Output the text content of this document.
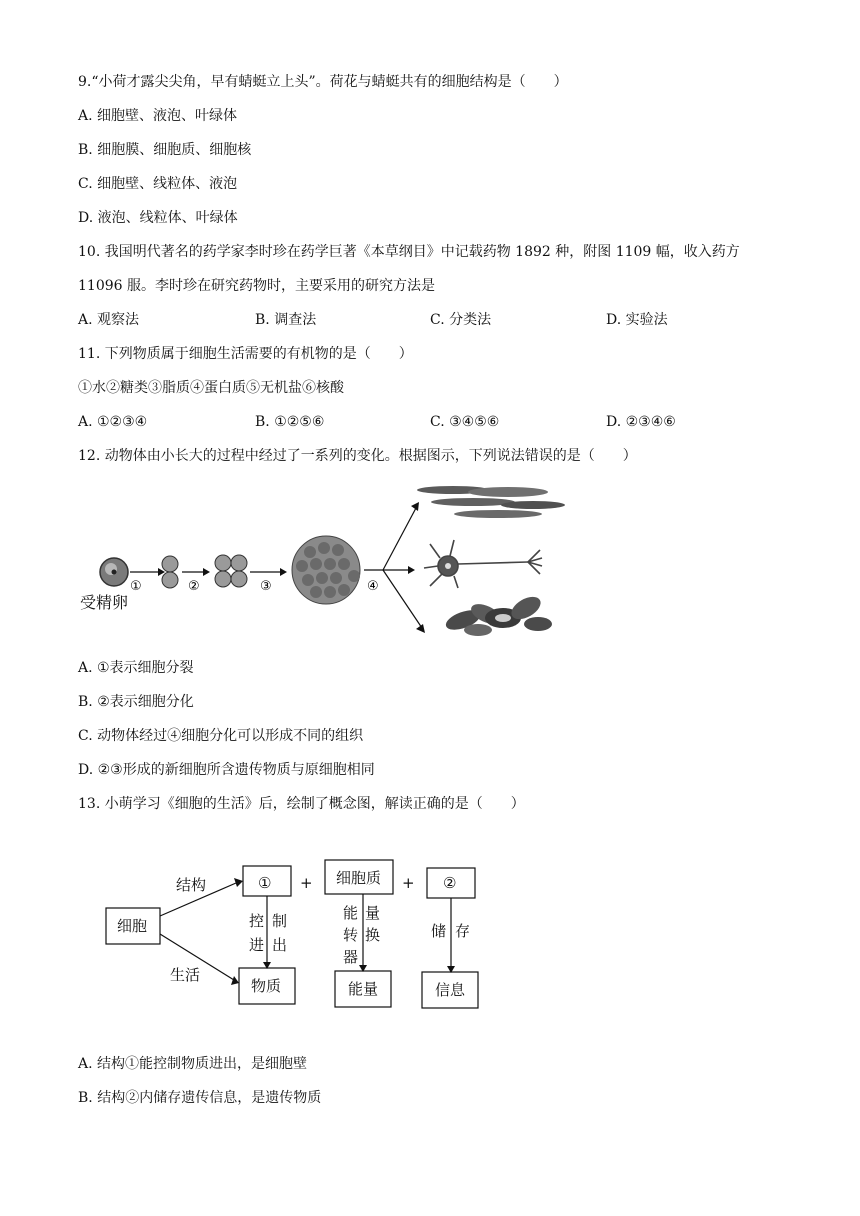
9.“小荷才露尖尖角，早有蜻蜓立上头”。荷花与蜻蜓共有的细胞结构是（　　）
A. 细胞壁、液泡、叶绿体
B. 细胞膜、细胞质、细胞核
C. 细胞壁、线粒体、液泡
D. 液泡、线粒体、叶绿体
10. 我国明代著名的药学家李时珍在药学巨著《本草纲目》中记载药物 1892 种，附图 1109 幅，收入药方
11096 服。李时珍在研究药物时，主要采用的研究方法是
A. 观察法	B. 调查法	C. 分类法	D. 实验法
11. 下列物质属于细胞生活需要的有机物的是（　　）
①水②糖类③脂质④蛋白质⑤无机盐⑥核酸
A. ①②③④	B. ①②⑤⑥	C. ③④⑤⑥	D. ②③④⑥
12. 动物体由小长大的过程中经过了一系列的变化。根据图示，下列说法错误的是（　　）
受精卵
①	②	③	④
A. ①表示细胞分裂
B. ②表示细胞分化
C. 动物体经过④细胞分化可以形成不同的组织
D. ②③形成的新细胞所含遗传物质与原细胞相同
13. 小萌学习《细胞的生活》后，绘制了概念图，解读正确的是（　　）
细胞
结构
生活
① + 细胞质 + ②
控 制
进 出
能 量
转 换
器
储 存
物质	能量	信息
A. 结构①能控制物质进出，是细胞壁
B. 结构②内储存遗传信息，是遗传物质
